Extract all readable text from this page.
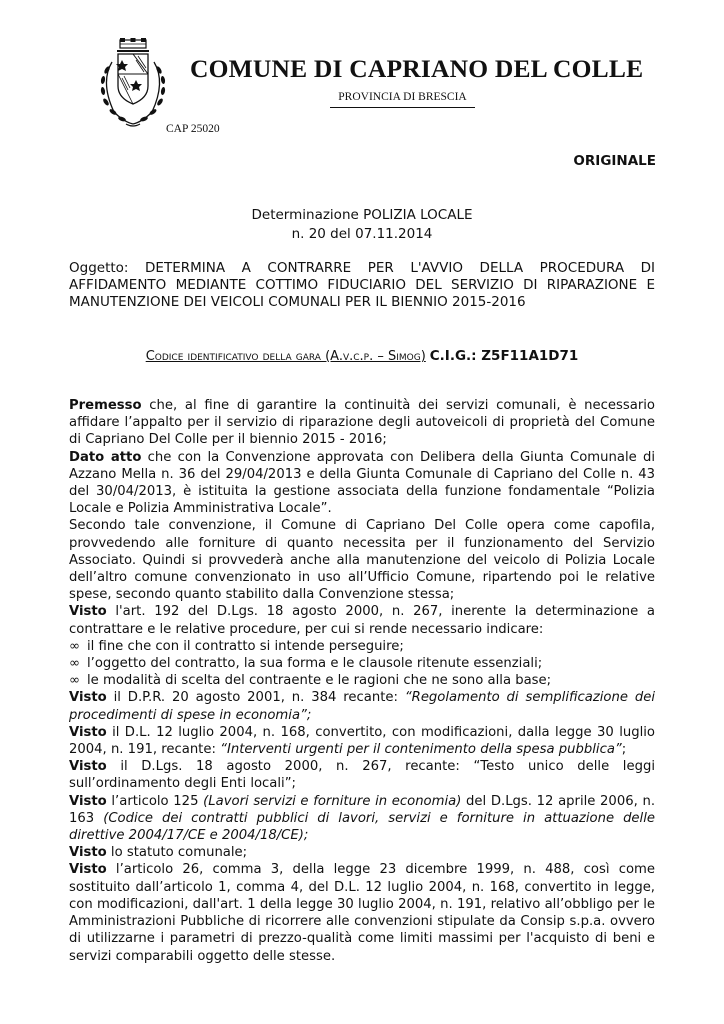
COMUNE DI CAPRIANO DEL COLLE
PROVINCIA DI BRESCIA
CAP 25020
ORIGINALE
Determinazione POLIZIA LOCALE
n. 20 del 07.11.2014
Oggetto: DETERMINA A CONTRARRE PER L'AVVIO DELLA PROCEDURA DI AFFIDAMENTO MEDIANTE COTTIMO FIDUCIARIO DEL SERVIZIO DI RIPARAZIONE E MANUTENZIONE DEI VEICOLI COMUNALI PER IL BIENNIO 2015-2016
Codice identificativo della gara (A.v.c.p. – Simog) C.I.G.: Z5F11A1D71

Premesso che, al fine di garantire la continuità dei servizi comunali, è necessario affidare l’appalto per il servizio di riparazione degli autoveicoli di proprietà del Comune di Capriano Del Colle per il biennio 2015 - 2016;

Dato atto che con la Convenzione approvata con Delibera della Giunta Comunale di Azzano Mella n. 36 del 29/04/2013 e della Giunta Comunale di Capriano del Colle n. 43 del 30/04/2013, è istituita la gestione associata della funzione fondamentale “Polizia Locale e Polizia Amministrativa Locale”.

Secondo tale convenzione, il Comune di Capriano Del Colle opera come capofila, provvedendo alle forniture di quanto necessita per il funzionamento del Servizio Associato. Quindi si provvederà anche alla manutenzione del veicolo di Polizia Locale dell’altro comune convenzionato in uso all’Ufficio Comune, ripartendo poi le relative spese, secondo quanto stabilito dalla Convenzione stessa;

Visto l'art. 192 del D.Lgs. 18 agosto 2000, n. 267, inerente la determinazione a contrattare e le relative procedure, per cui si rende necessario indicare:

∞ il fine che con il contratto si intende perseguire;
∞ l’oggetto del contratto, la sua forma e le clausole ritenute essenziali;
∞ le modalità di scelta del contraente e le ragioni che ne sono alla base;

Visto il D.P.R. 20 agosto 2001, n. 384 recante: “Regolamento di semplificazione dei procedimenti di spese in economia”;

Visto il D.L. 12 luglio 2004, n. 168, convertito, con modificazioni, dalla legge 30 luglio 2004, n. 191, recante: “Interventi urgenti per il contenimento della spesa pubblica”;

Visto il D.Lgs. 18 agosto 2000, n. 267, recante: “Testo unico delle leggi sull’ordinamento degli Enti locali”;

Visto l’articolo 125 (Lavori servizi e forniture in economia) del D.Lgs. 12 aprile 2006, n. 163 (Codice dei contratti pubblici di lavori, servizi e forniture in attuazione delle direttive 2004/17/CE e 2004/18/CE);

Visto lo statuto comunale;

Visto l’articolo 26, comma 3, della legge 23 dicembre 1999, n. 488, così come sostituito dall’articolo 1, comma 4, del D.L. 12 luglio 2004, n. 168, convertito in legge, con modificazioni, dall'art. 1 della legge 30 luglio 2004, n. 191, relativo all’obbligo per le Amministrazioni Pubbliche di ricorrere alle convenzioni stipulate da Consip s.p.a. ovvero di utilizzarne i parametri di prezzo-qualità come limiti massimi per l'acquisto di beni e servizi comparabili oggetto delle stesse.
